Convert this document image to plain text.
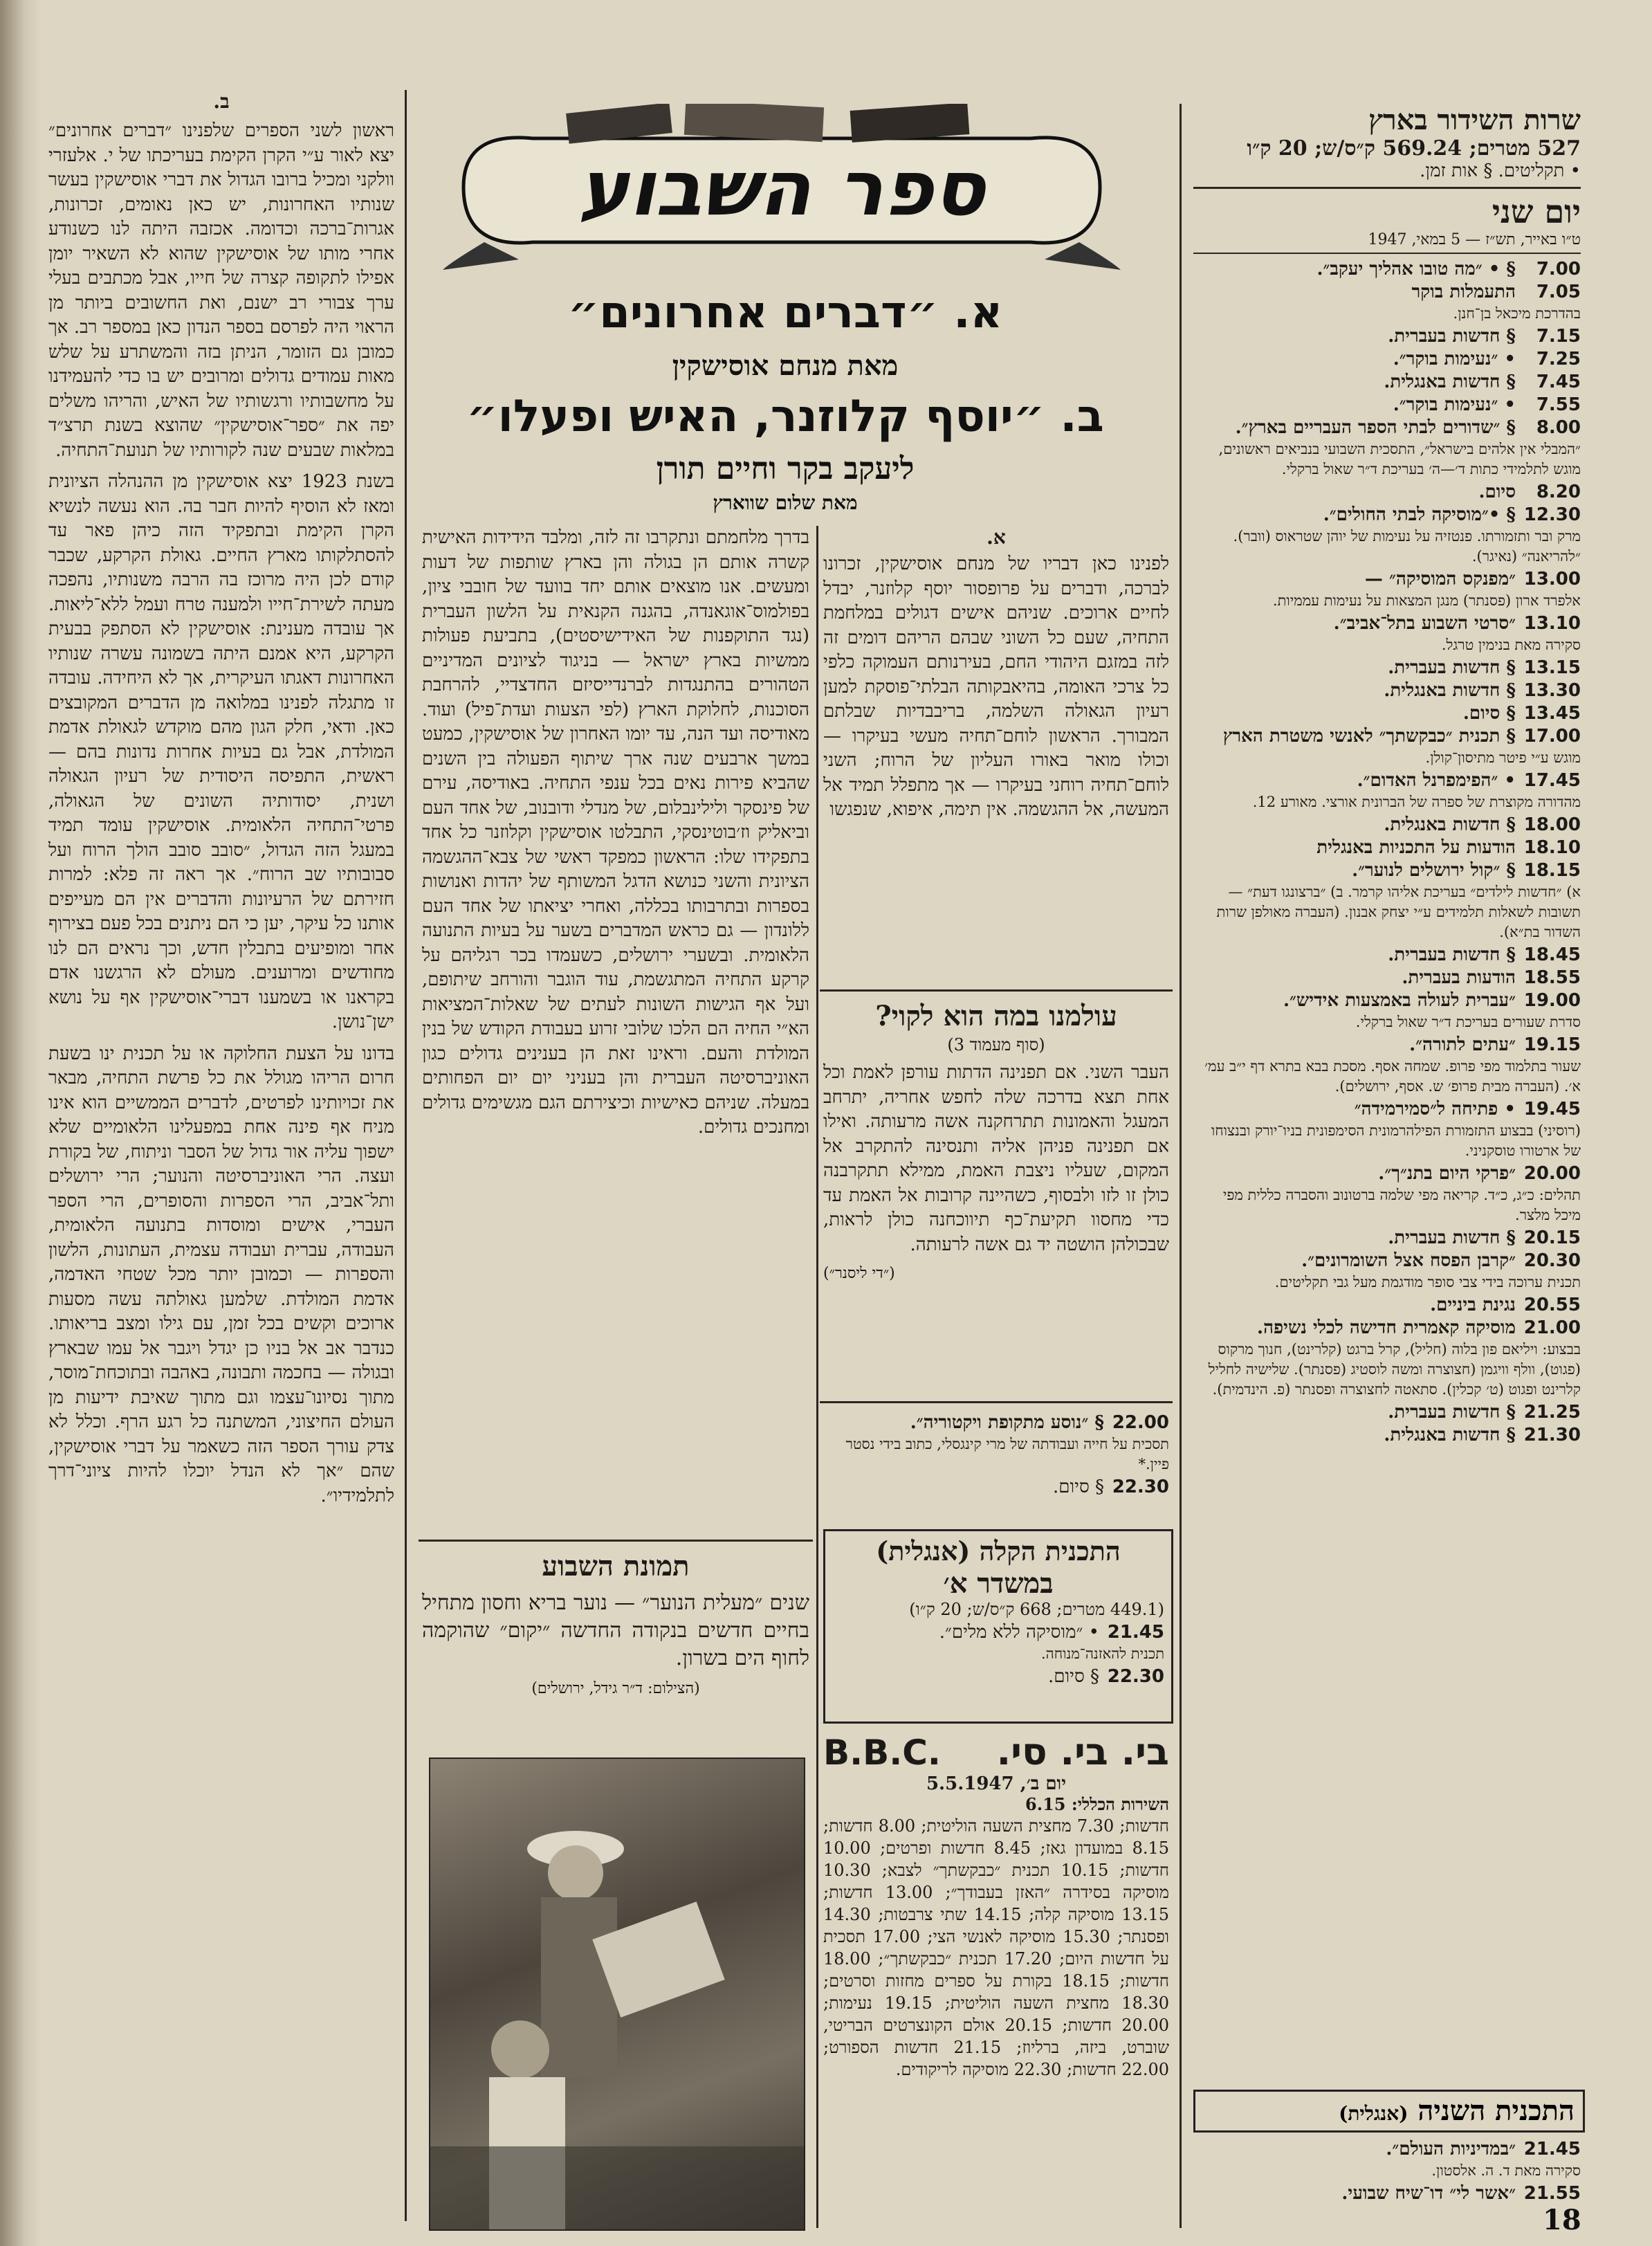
ב.

ראשון לשני הספרים שלפנינו ״דברים אחרונים״ יצא לאור ע״י הקרן הקימת בעריכתו של י. אלעזרי וולקני ומכיל ברובו הגדול את דברי אוסישקין בעשר שנותיו האחרונות, יש כאן נאומים, זכרונות, אגרות־ברכה וכדומה. אכזבה היתה לנו כשנודע אחרי מותו של אוסישקין שהוא לא השאיר יומן אפילו לתקופה קצרה של חייו, אבל מכתבים בעלי ערך צבורי רב ישנם, ואת החשובים ביותר מן הראוי היה לפרסם בספר הנדון כאן במספר רב. אך כמובן גם הזומר, הניתן בזה והמשתרע על שלש מאות עמודים גדולים ומרובים יש בו כדי להעמידנו על מחשבותיו ורגשותיו של האיש, והריהו משלים יפה את ״ספר־אוסישקין״ שהוצא בשנת תרצ״ד במלאות שבעים שנה לקורותיו של תנועת־התחיה.

בשנת 1923 יצא אוסישקין מן ההנהלה הציונית ומאז לא הוסיף להיות חבר בה. הוא נעשה לנשיא הקרן הקימת ובתפקיד הזה כיהן פאר עד להסתלקותו מארץ החיים. גאולת הקרקע, שכבר קודם לכן היה מרוכז בה הרבה משנותיו, נהפכה מעתה לשירת־חייו ולמענה טרח ועמל ללא־ליאות. אך עובדה מענינת: אוסישקין לא הסתפק בבעית הקרקע, היא אמנם היתה בשמונה עשרה שנותיו האחרונות דאגתו העיקרית, אך לא היחידה. עובדה זו מתגלה לפנינו במלואה מן הדברים המקובצים כאן. ודאי, חלק הגון מהם מוקדש לגאולת אדמת המולדת, אבל גם בעיות אחרות נדונות בהם — ראשית, התפיסה היסודית של רעיון הגאולה ושנית, יסודותיה השונים של הגאולה, פרטי־התחיה הלאומית. אוסישקין עומד תמיד במעגל הזה הגדול, ״סובב סובב הולך הרוח ועל סבובותיו שב הרוח״. אך ראה זה פלא: למרות חזירתם של הרעיונות והדברים אין הם מעייפים אותנו כל עיקר, יען כי הם ניתנים בכל פעם בצירוף אחר ומופיעים בתבלין חדש, וכך נראים הם לנו מחודשים ומרוענים. מעולם לא הרגשנו אדם בקראנו או בשמענו דברי־אוסישקין אף על נושא ישן־נושן.

בדונו על הצעת החלוקה או על תכנית ינו בשעת חרום הריהו מגולל את כל פרשת התחיה, מבאר את זכויותינו לפרטים, לדברים הממשיים הוא אינו מניח אף פינה אחת במפעלינו הלאומיים שלא ישפוך עליה אור גדול של הסבר וניתוח, של בקורת ועצה. הרי האוניברסיטה והנוער; הרי ירושלים ותל־אביב, הרי הספרות והסופרים, הרי הספר העברי, אישים ומוסדות בתנועה הלאומית, העבודה, עברית ועבודה עצמית, העתונות, הלשון והספרות — וכמובן יותר מכל שטחי האדמה, אדמת המולדת. שלמען גאולתה עשה מסעות ארוכים וקשים בכל זמן, עם גילו ומצב בריאותו. כנדבר אב אל בניו כן יגדל ויגבר אל עמו שבארץ ובגולה — בחכמה ותבונה, באהבה ובתוכחת־מוסר, מתוך נסיונו־עצמו וגם מתוך שאיבת ידיעות מן העולם החיצוני, המשתנה כל רגע הרף. וכלל לא צדק עורך הספר הזה כשאמר על דברי אוסישקין, שהם ״אך לא הנדל יוכלו להיות ציוני־דרך לתלמידיו״.

ספר השבוע
א. ״דברים אחרונים״
מאת מנחם אוסישקין
ב. ״יוסף קלוזנר, האיש ופעלו״
ליעקב בקר וחיים תורן
מאת שלום שווארץ

בדרך מלחמתם ונתקרבו זה לזה, ומלבד הידידות האישית קשרה אותם הן בגולה והן בארץ שותפות של דעות ומעשים. אנו מוצאים אותם יחד בוועד של חובבי ציון, בפולמוס־אוגאנדה, בהגנה הקנאית על הלשון העברית (נגד התוקפנות של האידישיסטים), בתביעת פעולות ממשיות בארץ ישראל — בניגוד לציונים המדיניים הטהורים בהתנגדות לברנדייסיזם החדצדיי, להרחבת הסוכנות, לחלוקת הארץ (לפי הצעות ועדת־פיל) ועוד. מאודיסה ועד הנה, עד יומו האחרון של אוסישקין, כמעט במשך ארבעים שנה ארך שיתוף הפעולה בין השנים שהביא פירות נאים בכל ענפי התחיה. באודיסה, עירם של פינסקר ולילינבלום, של מנדלי ודובנוב, של אחד העם וביאליק וז׳בוטינסקי, התבלטו אוסישקין וקלוזנר כל אחד בתפקידו שלו: הראשון כמפקד ראשי של צבא־ההגשמה הציונית והשני כנושא הדגל המשותף של יהדות ואנושות בספרות ובתרבותו בכללה, ואחרי יציאתו של אחד העם ללונדון — גם כראש המדברים בשער על בעיות התנועה הלאומית. ובשערי ירושלים, כשעמדו בכר רגליהם על קרקע התחיה המתגשמת, עוד הוגבר והורחב שיתופם, ועל אף הגישות השונות לעתים של שאלות־המציאות הא״י החיה הם הלכו שלובי זרוע בעבודת הקודש של בנין המולדת והעם. וראינו זאת הן בענינים גדולים כגון האוניברסיטה העברית והן בעניני יום יום הפחותים במעלה. שניהם כאישיות וכיצירתם הגם מגשימים גדולים ומחנכים גדולים.

תמונת השבוע

שנים ״מעלית הנוער״ — נוער בריא וחסון מתחיל בחיים חדשים בנקודה החדשה ״יקום״ שהוקמה לחוף הים בשרון.

(הצילום: ד״ר גידל, ירושלים)
א.

לפנינו כאן דבריו של מנחם אוסישקין, זכרונו לברכה, ודברים על פרופסור יוסף קלוזנר, יבדל לחיים ארוכים. שניהם אישים דגולים במלחמת התחיה, שעם כל השוני שבהם הריהם דומים זה לזה במזגם היהודי החם, בעירנותם העמוקה כלפי כל צרכי האומה, בהיאבקותה הבלתי־פוסקת למען רעיון הגאולה השלמה, בריבבדיות שבלתם המבורך. הראשון לוחם־תחיה מעשי בעיקרו — וכולו מואר באורו העליון של הרוח; השני לוחם־תחיה רוחני בעיקרו — אך מתפלל תמיד אל המעשה, אל ההגשמה. אין תימה, איפוא, שנפגשו

עולמנו במה הוא לקוי?
(סוף מעמוד 3)

העבר השני. אם תפנינה הדתות עורפן לאמת וכל אחת תצא בדרכה שלה לחפש אחריה, יתרחב המעגל והאמונות תתרחקנה אשה מרעותה. ואילו אם תפנינה פניהן אליה ותנסינה להתקרב אל המקום, שעליו ניצבת האמת, ממילא תתקרבנה כולן זו לזו ולבסוף, כשהיינה קרובות אל האמת עד כדי מחסוו תקיעת־כף תיווכחנה כולן לראות, שבכולהן הושטה יד גם אשה לרעותה.

(״די ליסנר״)
22.00
§ ״נוסע מתקופת ויקטוריה״.
תסכית על חייה ועבודתה של מרי קינגסלי, כתוב בידי נסטר פיין.*
22.30
§ סיום.
התכנית הקלה (אנגלית)
במשדר א׳
(449.1 מטרים; 668 ק״ס/ש; 20 ק״ו)
21.45
• ״מוסיקה ללא מלים״.
תכנית להאזנה־מנוחה.
22.30
§ סיום.
בי. בי. סי.
B.B.C.
יום ב׳, 5.5.1947
השירות הכללי: 6.15

חדשות; 7.30 מחצית השעה הוליטית; 8.00 חדשות; 8.15 במועדון גאז; 8.45 חדשות ופרטים; 10.00 חדשות; 10.15 תכנית ״כבקשתך״ לצבא; 10.30 מוסיקה בסידרה ״האזן בעבודך״; 13.00 חדשות; 13.15 מוסיקה קלה; 14.15 שתי צרבטות; 14.30 ופסנתר; 15.30 מוסיקה לאנשי הצי; 17.00 תסכית על חדשות היום; 17.20 תכנית ״כבקשתך״; 18.00 חדשות; 18.15 בקורת על ספרים מחזות וסרטים; 18.30 מחצית השעה הוליטית; 19.15 נעימות; 20.00 חדשות; 20.15 אולם הקונצרטים הבריטי, שוברט, ביזה, ברליוז; 21.15 חדשות הספורט; 22.00 חדשות; 22.30 מוסיקה לריקודים.

שרות השידור בארץ
527 מטרים; 569.24 ק״ס/ש; 20 ק״ו
• תקליטים. § אות זמן.
יום שני
ט״ו באייר, תש״ז — 5 במאי, 1947
7.00
§ • ״מה טובו אהליך יעקב״.
7.05
התעמלות בוקר
בהדרכת מיכאל בן־חנן.
7.15
§ חדשות בעברית.
7.25
• ״נעימות בוקר״.
7.45
§ חדשות באנגלית.
7.55
• ״נעימות בוקר״.
8.00
§ ״שדורים לבתי הספר העבריים בארץ״.
״המבלי אין אלהים בישראל״, התסכית השבועי בנביאים ראשונים, מוגש לתלמידי כתות ד׳—ה׳ בעריכת ד״ר שאול ברקלי.
8.20
סיום.
12.30
§ •״מוסיקה לבתי החולים״.
מרק ובר ותזמורתו. פנטזיה על נעימות של יוהן שטראוס (וובר). ״להריאנה״ (נאיגר).
13.00
״מפנקס המוסיקה״ —
אלפרד ארון (פסנתר) מנגן המצאות על נעימות עממיות.
13.10
״סרטי השבוע בתל־אביב״.
סקירה מאת בנימין טרגל.
13.15
§ חדשות בעברית.
13.30
§ חדשות באנגלית.
13.45
§ סיום.
17.00
§ תכנית ״כבקשתך״ לאנשי משטרת הארץ
מוגש ע״י פיטר מתיסון־קולן.
17.45
• ״הפימפרנל האדום״.
מהדורה מקוצרת של ספרה של הברונית אורצי. מאורע 12.
18.00
§ חדשות באנגלית.
18.10
הודעות על התכניות באנגלית
18.15
§ ״קול ירושלים לנוער״.
א) ״חדשות לילדים״ בעריכת אליהו קרמר. ב) ״ברצונגו דעת״ — תשובות לשאלות תלמידים ע״י יצחק אבנון. (העברה מאולפן שרות השדור בת״א).
18.45
§ חדשות בעברית.
18.55
הודעות בעברית.
19.00
״עברית לעולה באמצעות אידיש״.
סדרת שעורים בעריכת ד״ר שאול ברקלי.
19.15
״עתים לתורה״.
שעור בתלמוד מפי פרופ. שמחה אסף. מסכת בבא בתרא דף י״ב עמ׳ א׳. (העברה מבית פרופ׳ ש. אסף, ירושלים).
19.45
• פתיחה ל״סמירמידה״
(רוסיני) בבצוע התזמורת הפילהרמונית הסימפונית בניו־יורק ובנצוחו של ארטורו טוסקניני.
20.00
״פרקי היום בתנ״ך״.
תהלים: כ״ג, כ״ד. קריאה מפי שלמה ברטונוב והסברה כללית מפי מיכל מלצר.
20.15
§ חדשות בעברית.
20.30
״קרבן הפסח אצל השומרונים״.
תכנית ערוכה בידי צבי סופר מודגמת מעל גבי תקליטים.
20.55
נגינת ביניים.
21.00
מוסיקה קאמרית חדישה לכלי נשיפה.
בבצוע: ויליאם פון בלוה (חליל), קרל ברגט (קלרינט), חנוך מרקוס (פגוט), וולף וויגמן (חצוצרה ומשה לוסטיג (פסנתר). שלישיה לחליל קלרינט ופגוט (ט׳ קכלין). סתאטה לחצוצרה ופסנתר (פ. הינדמית).
21.25
§ חדשות בעברית.
21.30
§ חדשות באנגלית.
התכנית השניה (אנגלית)
21.45
״במדיניות העולם״.
סקירה מאת ד. ה. אלסטון.
21.55
״אשר לי״ דו־שיח שבועי.
18
